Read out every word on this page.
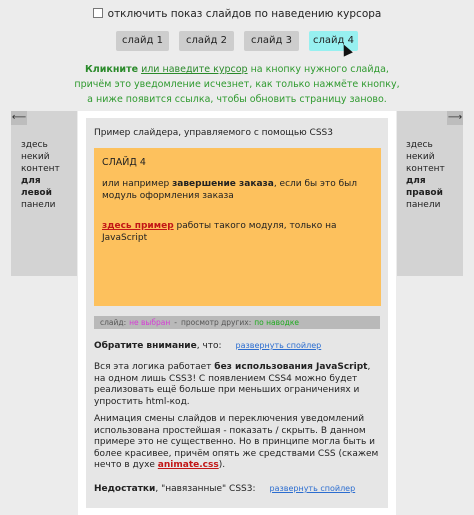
отключить показ слайдов по наведению курсора
слайд 1	слайд 2	слайд 3	слайд 4
Кликните или наведите курсор на кнопку нужного слайда,
причём это уведомление исчезнет, как только нажмёте кнопку,
а ниже появится ссылка, чтобы обновить страницу заново.
⟵
здесь
некий
контент
для
левой
панели
⟶
здесь
некий
контент
для
правой
панели
Пример слайдера, управляемого с помощью CSS3
СЛАЙД 4
или например завершение заказа, если бы это был модуль оформления заказа
здесь пример работы такого модуля, только на JavaScript
слайд: не выбран - просмотр других: по наводке
Обратите внимание, что: развернуть спойлер
Вся эта логика работает без использования JavaScript, на одном лишь CSS3! С появлением CSS4 можно будет реализовать ещё больше при меньших ограничениях и упростить html-код.
Анимация смены слайдов и переключения уведомлений использована простейшая - показать / скрыть. В данном примере это не существенно. Но в принципе могла быть и более красивее, причём опять же средствами CSS (скажем нечто в духе animate.css).
Недостатки, "навязанные" CSS3: развернуть спойлер
